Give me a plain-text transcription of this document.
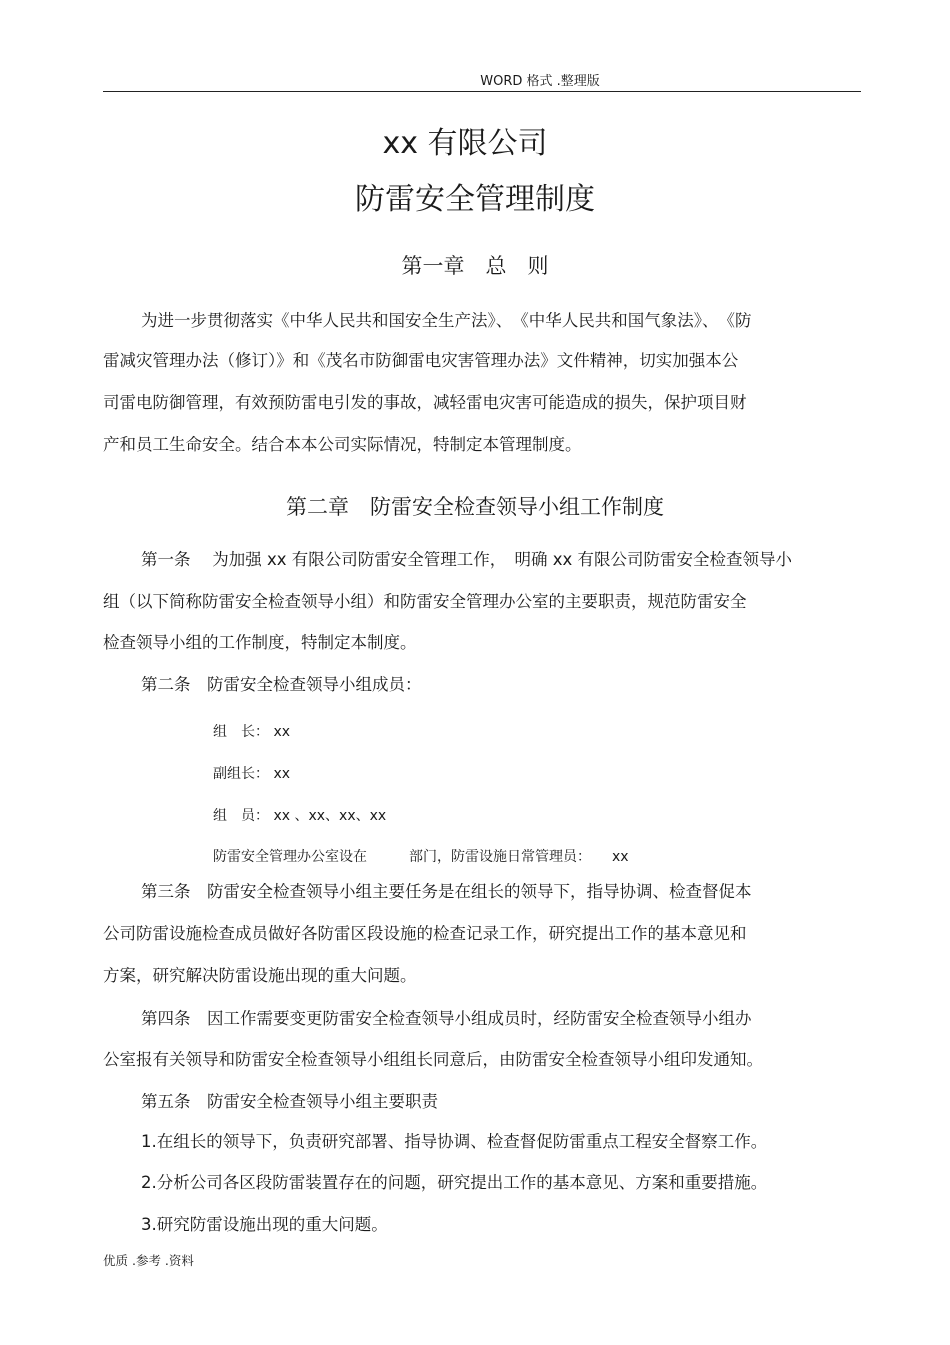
WORD 格式 .整理版
xx 有限公司
防雷安全管理制度
第一章　总　则
为进一步贯彻落实《中华人民共和国安全生产法》、　《中华人民共和国气象法》、　《防
雷减灾管理办法（修订）》和《茂名市防御雷电灾害管理办法》文件精神，切实加强本公
司雷电防御管理，有效预防雷电引发的事故，减轻雷电灾害可能造成的损失，保护项目财
产和员工生命安全。结合本本公司实际情况，特制定本管理制度。
第二章　防雷安全检查领导小组工作制度
第一条　 为加强 xx 有限公司防雷安全管理工作，　明确 xx 有限公司防雷安全检查领导小
组（以下简称防雷安全检查领导小组）和防雷安全管理办公室的主要职责，规范防雷安全
检查领导小组的工作制度，特制定本制度。
第二条　防雷安全检查领导小组成员：
组　长： xx
副组长： xx
组　员： xx 、xx、xx、xx
防雷安全管理办公室设在　　　部门，防雷设施日常管理员：　　xx
第三条　防雷安全检查领导小组主要任务是在组长的领导下，指导协调、检查督促本
公司防雷设施检查成员做好各防雷区段设施的检查记录工作，研究提出工作的基本意见和
方案，研究解决防雷设施出现的重大问题。
第四条　因工作需要变更防雷安全检查领导小组成员时，经防雷安全检查领导小组办
公室报有关领导和防雷安全检查领导小组组长同意后，由防雷安全检查领导小组印发通知。
第五条　防雷安全检查领导小组主要职责
1.在组长的领导下，负责研究部署、指导协调、检查督促防雷重点工程安全督察工作。
2.分析公司各区段防雷装置存在的问题，研究提出工作的基本意见、方案和重要措施。
3.研究防雷设施出现的重大问题。
优质 .参考 .资料
